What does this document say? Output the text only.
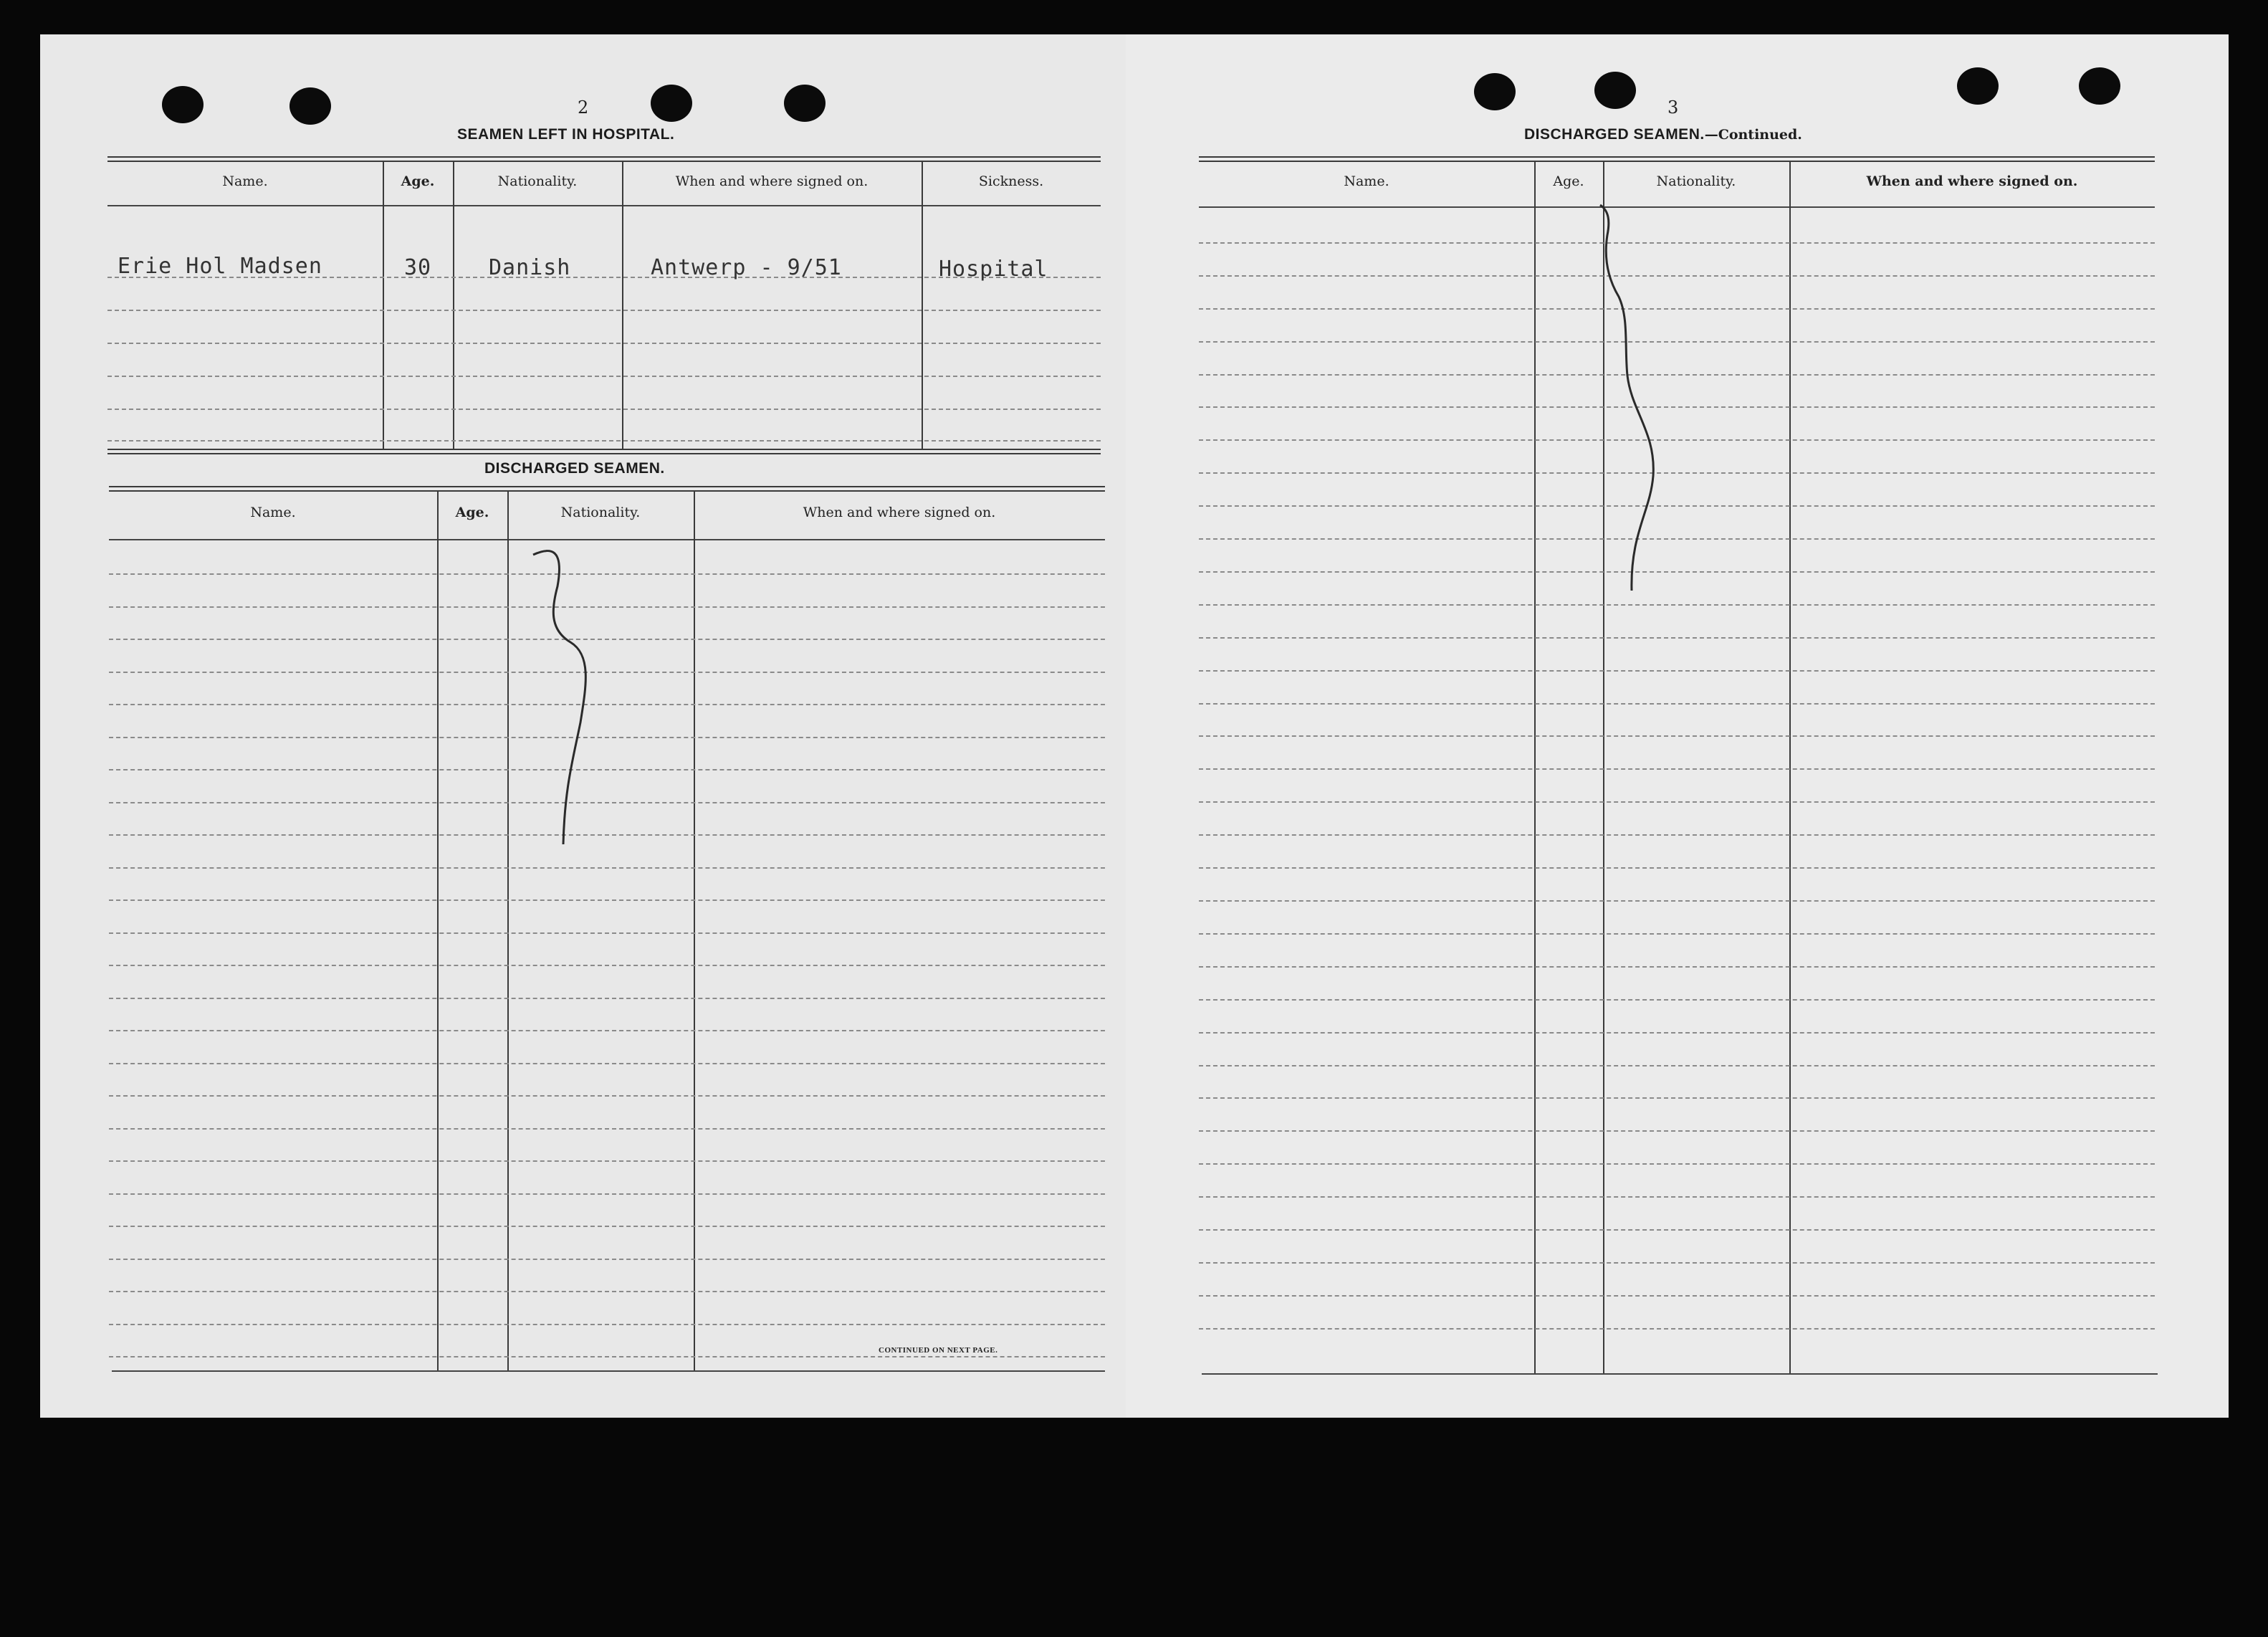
2
SEAMEN LEFT IN HOSPITAL.
Name.	Age.	Nationality.	When and where signed on.	Sickness.
Erie Hol Madsen	30	Danish	Antwerp - 9/51	Hospital
DISCHARGED SEAMEN.
Name.	Age.	Nationality.	When and where signed on.
CONTINUED ON NEXT PAGE.
3
DISCHARGED SEAMEN.—Continued.
Name.	Age.	Nationality.	When and where signed on.
